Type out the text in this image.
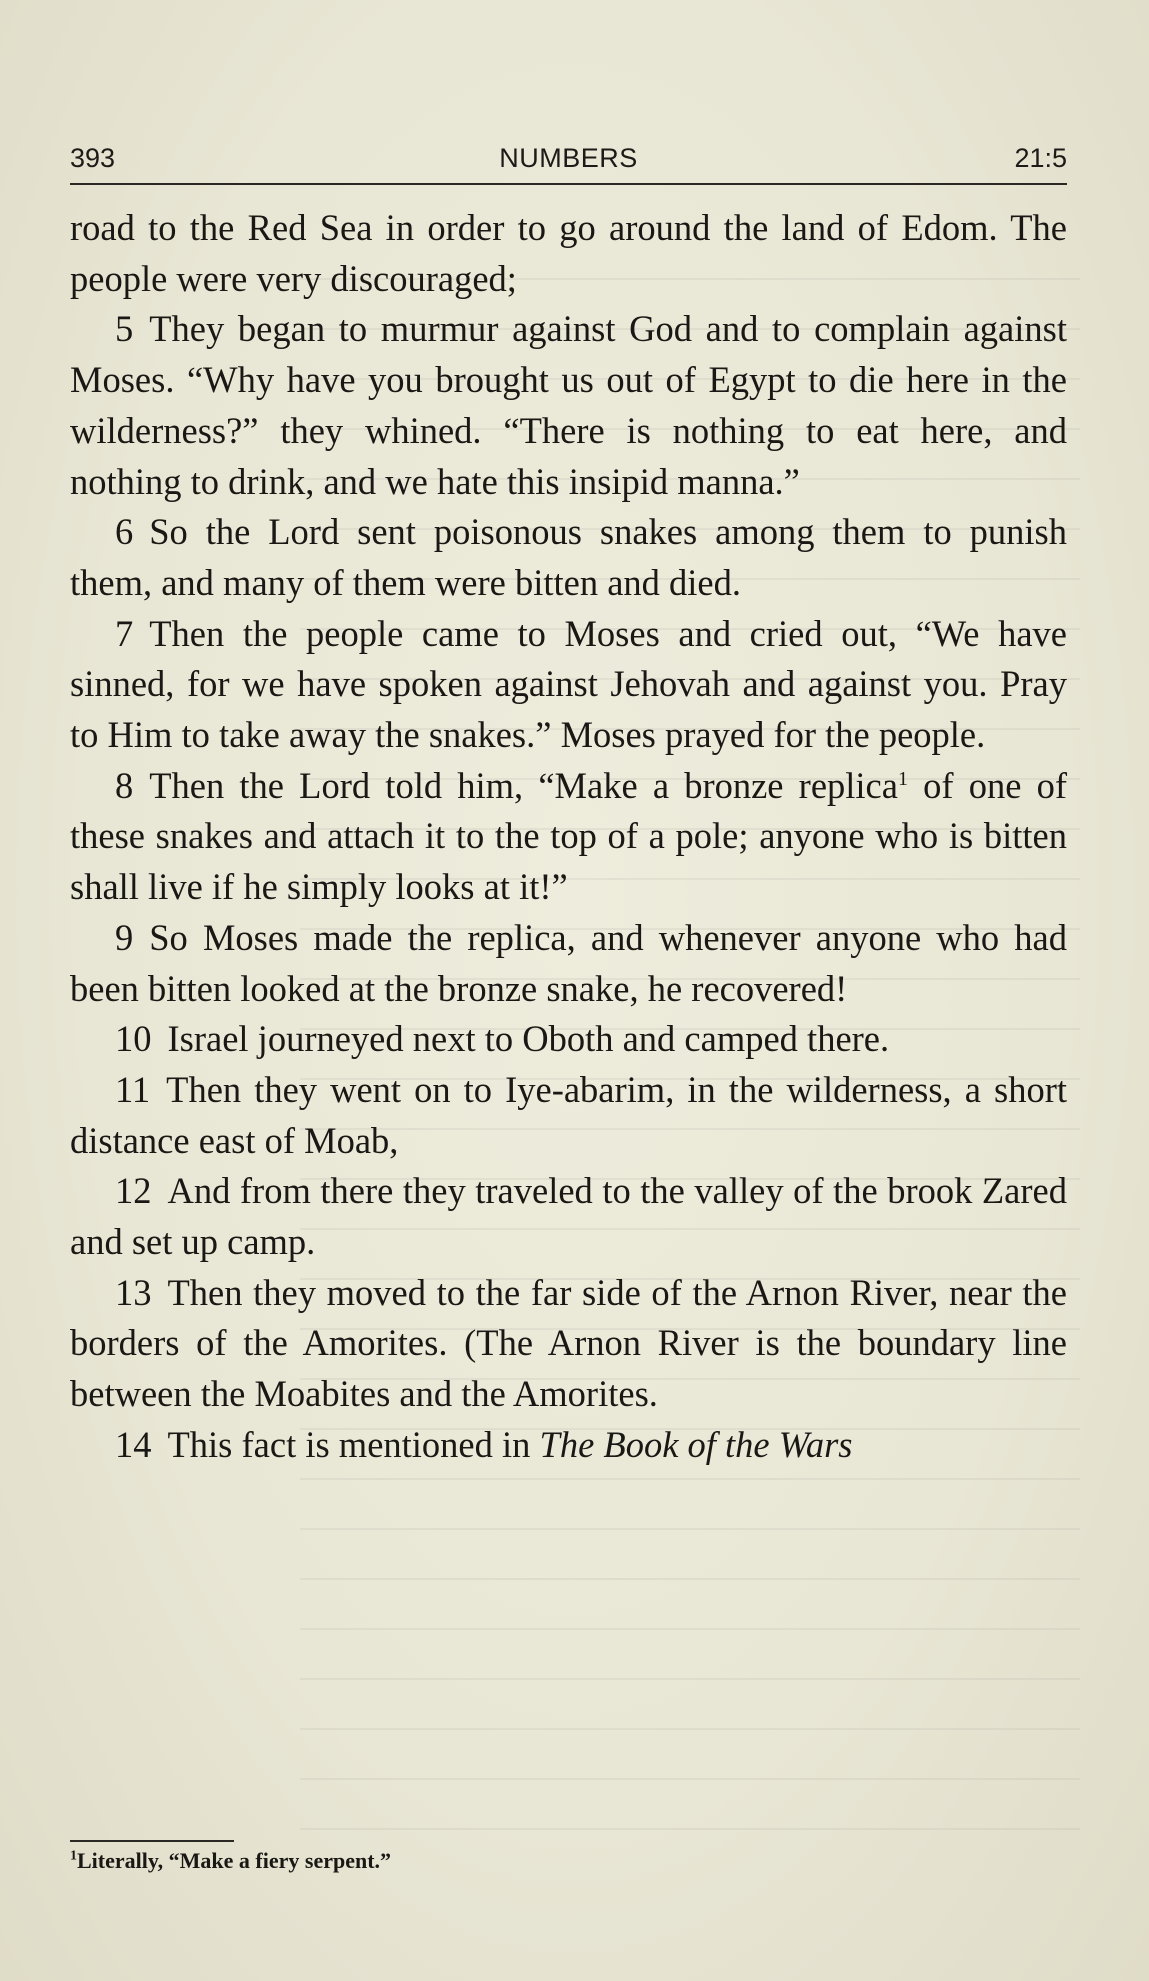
393	NUMBERS	21:5

road to the Red Sea in order to go around the land of Edom. The people were very discouraged;

5 They began to murmur against God and to complain against Moses. “Why have you brought us out of Egypt to die here in the wilderness?” they whined. “There is nothing to eat here, and nothing to drink, and we hate this insipid manna.”

6 So the Lord sent poisonous snakes among them to punish them, and many of them were bitten and died.

7 Then the people came to Moses and cried out, “We have sinned, for we have spoken against Jehovah and against you. Pray to Him to take away the snakes.” Moses prayed for the people.

8 Then the Lord told him, “Make a bronze replica$^1$ of one of these snakes and attach it to the top of a pole; anyone who is bitten shall live if he simply looks at it!”

9 So Moses made the replica, and whenever anyone who had been bitten looked at the bronze snake, he recovered!

10 Israel journeyed next to Oboth and camped there.

11 Then they went on to Iye-abarim, in the wilderness, a short distance east of Moab,

12 And from there they traveled to the valley of the brook Zared and set up camp.

13 Then they moved to the far side of the Arnon River, near the borders of the Amorites. (The Arnon River is the boundary line between the Moabites and the Amorites.

14 This fact is mentioned in The Book of the Wars

$^1$Literally, “Make a fiery serpent.”
